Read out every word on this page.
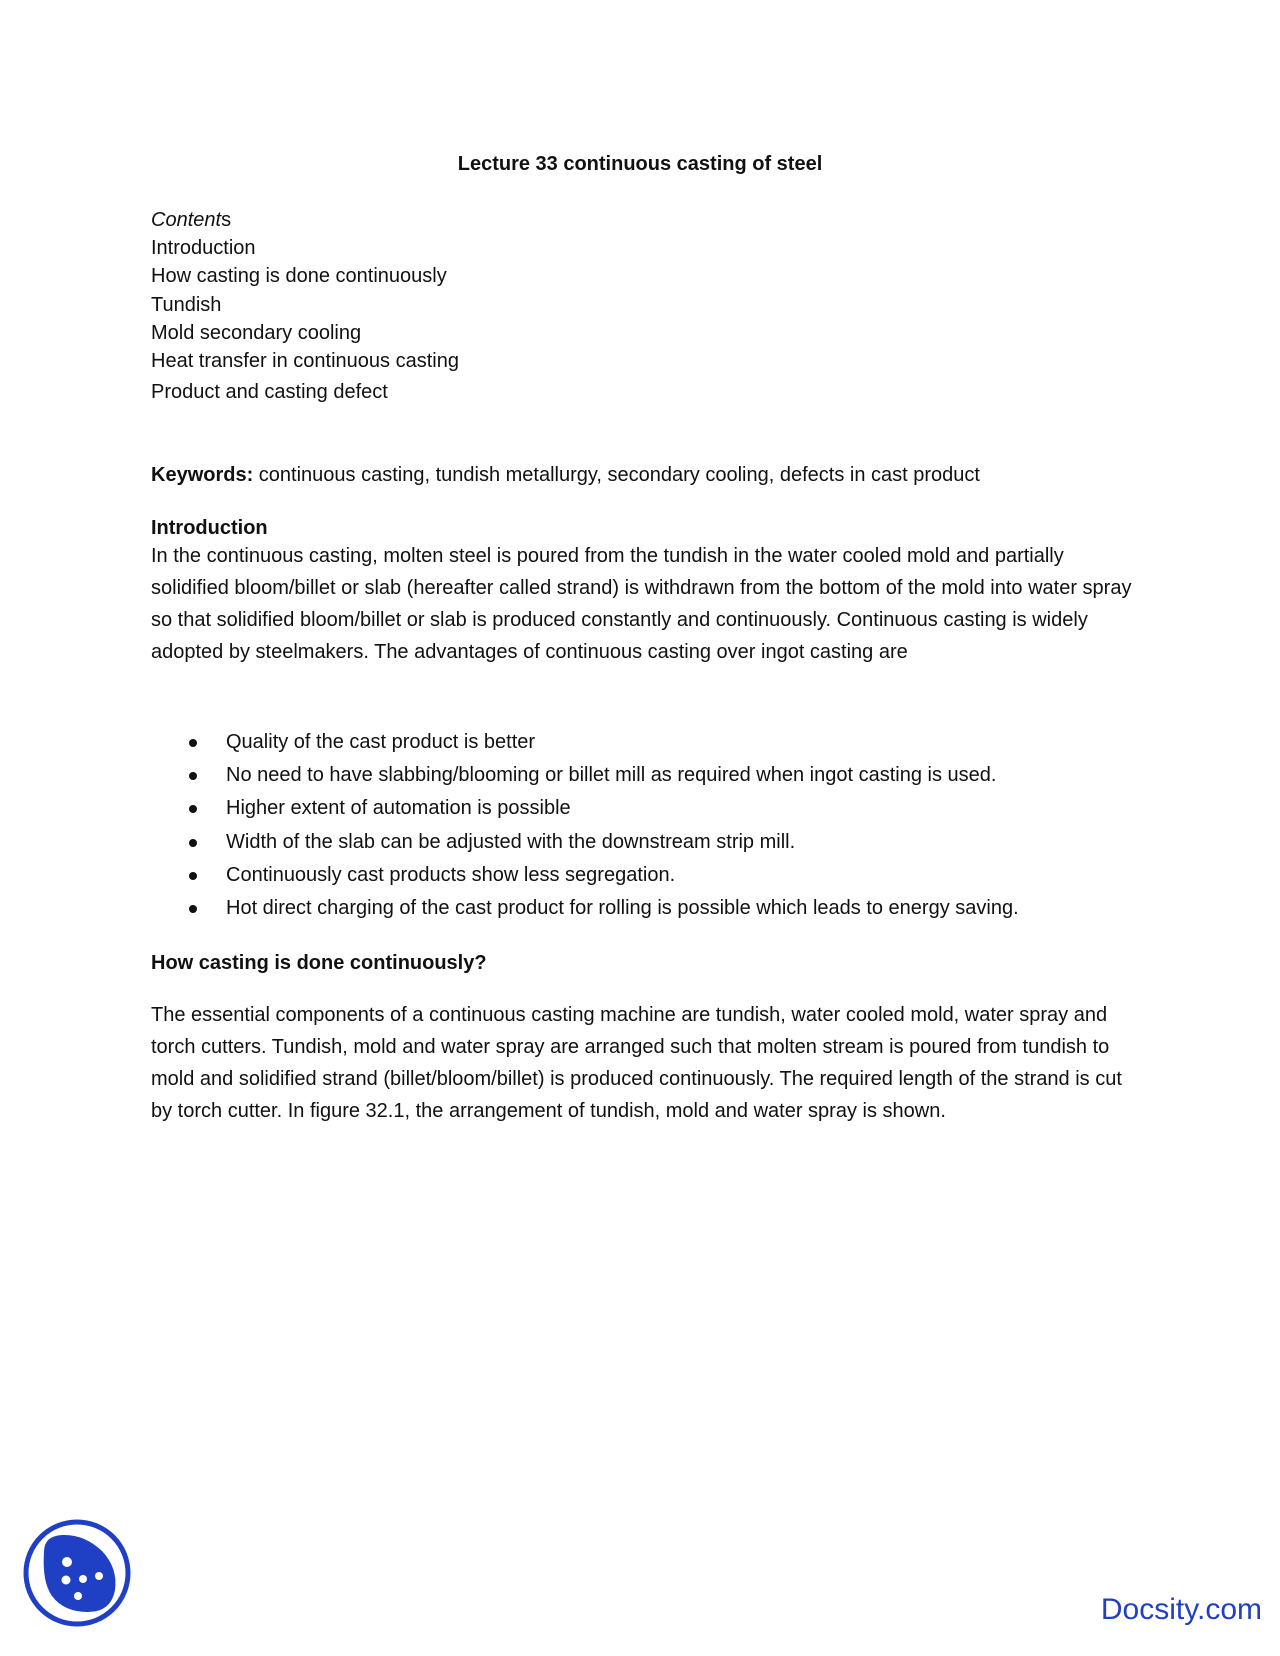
Lecture 33 continuous casting of steel
Contents
Introduction
How casting is done continuously
Tundish
Mold secondary cooling
Heat transfer in continuous casting
Product and casting defect
Keywords: continuous casting, tundish metallurgy, secondary cooling, defects in cast product
Introduction
In the continuous casting, molten steel is poured from the tundish in the water cooled mold and partially solidified bloom/billet or slab (hereafter called strand) is withdrawn from the bottom of the mold into water spray so that solidified bloom/billet or slab is produced constantly and continuously. Continuous casting is widely adopted by steelmakers. The advantages of continuous casting over ingot casting are
Quality of the cast product is better
No need to have slabbing/blooming or billet mill as required when ingot casting is used.
Higher extent of automation is possible
Width of the slab can be adjusted with the downstream strip mill.
Continuously cast products show less segregation.
Hot direct charging of the cast product for rolling is possible which leads to energy saving.
How casting is done continuously?
The essential components of a continuous casting machine are tundish, water cooled mold, water spray and torch cutters. Tundish, mold and water spray are arranged such that molten stream is poured from tundish to mold and solidified strand (billet/bloom/billet) is produced continuously. The required length of the strand is cut by torch cutter. In figure 32.1, the arrangement of tundish, mold and water spray is shown.
Docsity.com
